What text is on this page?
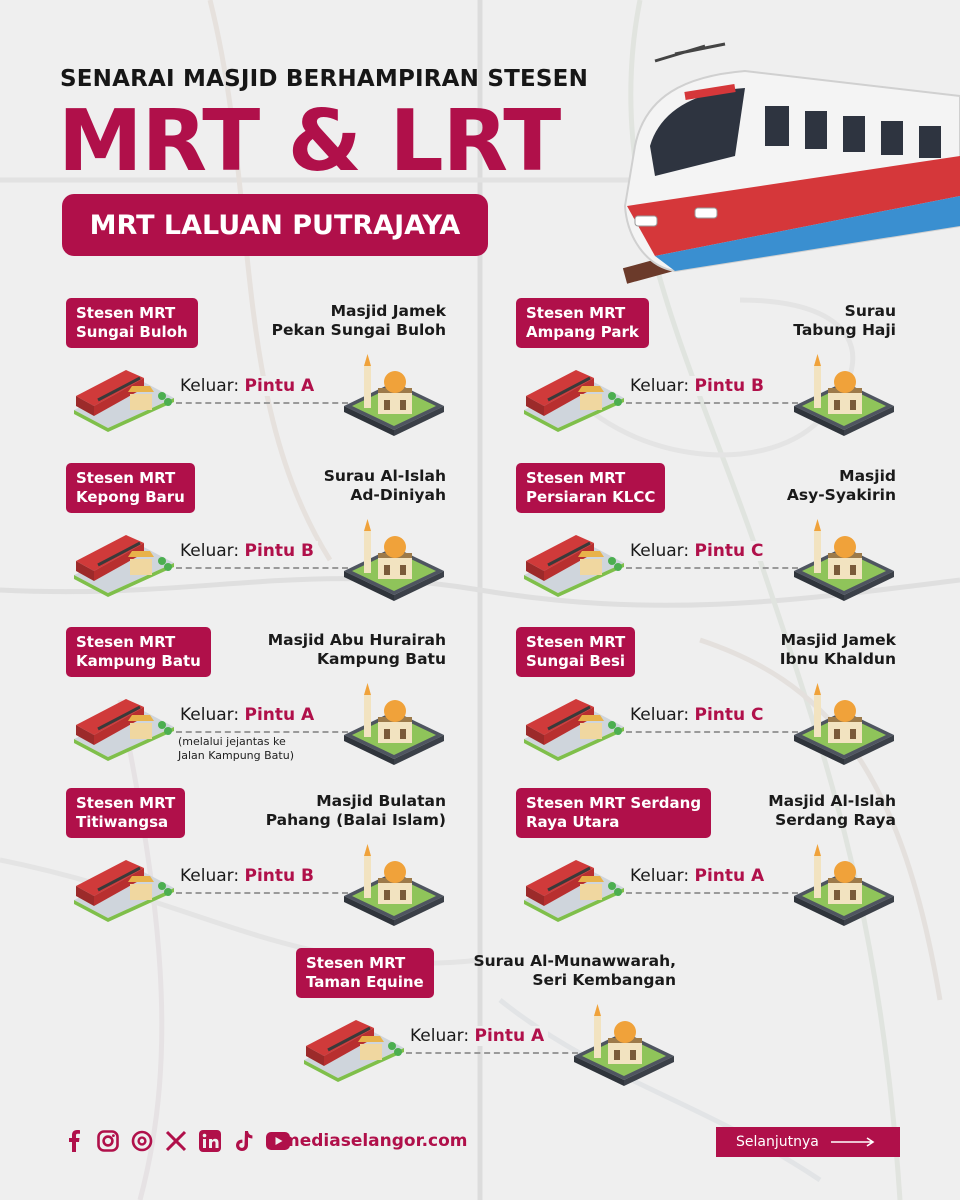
SENARAI MASJID BERHAMPIRAN STESEN
MRT & LRT
MRT LALUAN PUTRAJAYA
Stesen MRT
Sungai Buloh
Masjid Jamek
Pekan Sungai Buloh
Keluar: Pintu A
Stesen MRT
Ampang Park
Surau
Tabung Haji
Keluar: Pintu B
Stesen MRT
Kepong Baru
Surau Al-Islah
Ad-Diniyah
Keluar: Pintu B
Stesen MRT
Persiaran KLCC
Masjid
Asy-Syakirin
Keluar: Pintu C
Stesen MRT
Kampung Batu
Masjid Abu Hurairah
Kampung Batu
Keluar: Pintu A
(melalui jejantas ke
Jalan Kampung Batu)
Stesen MRT
Sungai Besi
Masjid Jamek
Ibnu Khaldun
Keluar: Pintu C
Stesen MRT
Titiwangsa
Masjid Bulatan
Pahang (Balai Islam)
Keluar: Pintu B
Stesen MRT Serdang
Raya Utara
Masjid Al-Islah
Serdang Raya
Keluar: Pintu A
Stesen MRT
Taman Equine
Surau Al-Munawwarah,
Seri Kembangan
Keluar: Pintu A
mediaselangor.com	Selanjutnya
